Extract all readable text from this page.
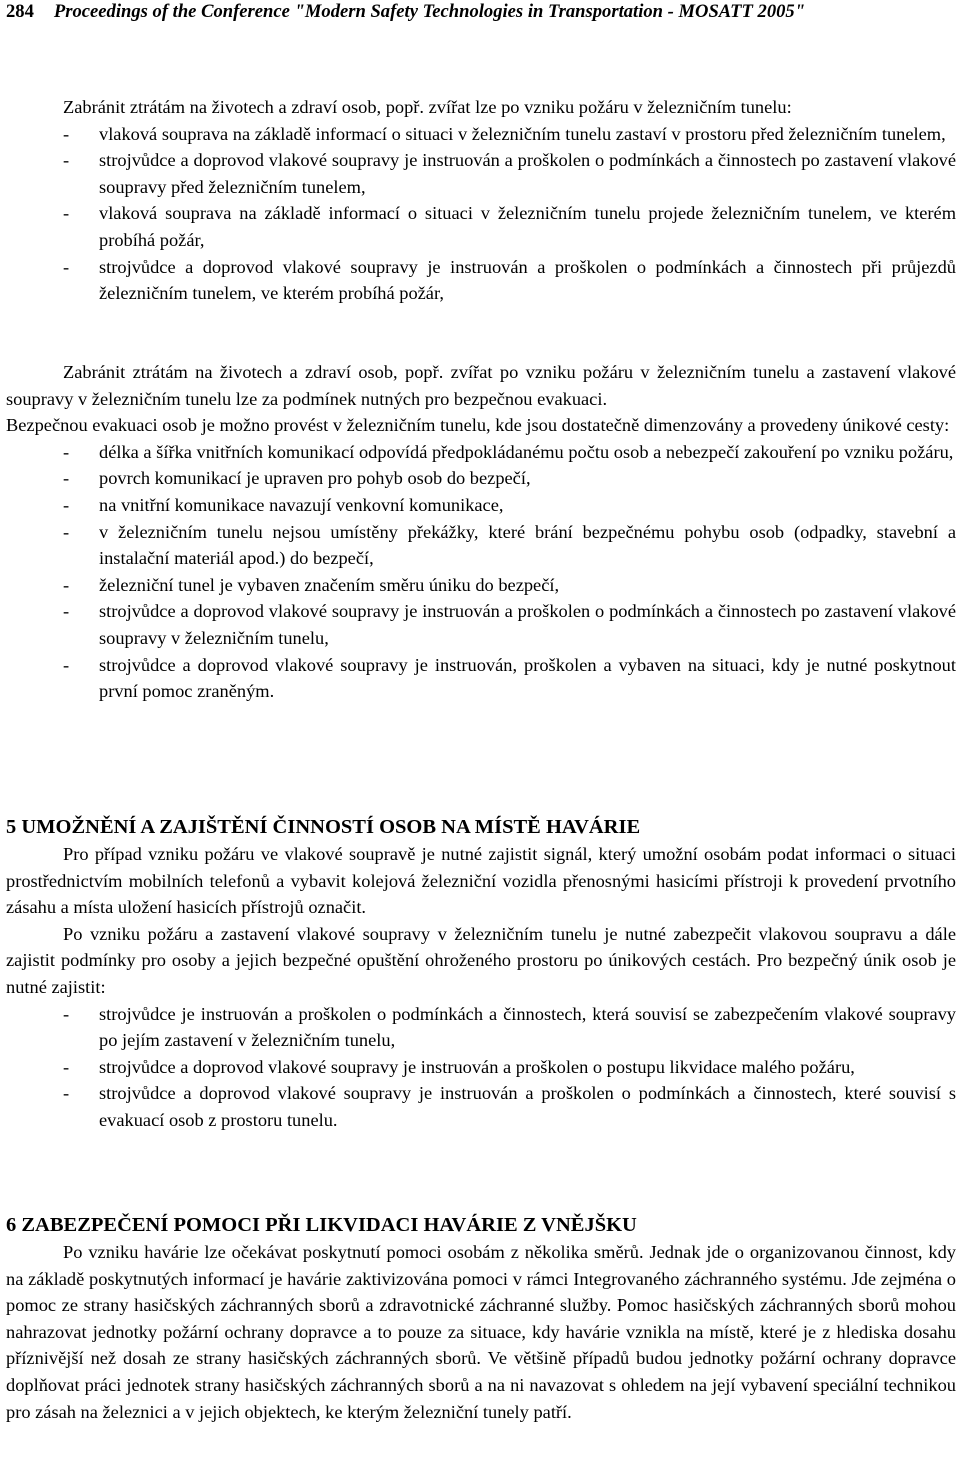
284 Proceedings of the Conference "Modern Safety Technologies in Transportation - MOSATT 2005"

Zabránit ztrátám na životech a zdraví osob, popř. zvířat lze po vzniku požáru v železničním tunelu:

- vlaková souprava na základě informací o situaci v železničním tunelu zastaví v prostoru před železničním tunelem,
- strojvůdce a doprovod vlakové soupravy je instruován a proškolen o podmínkách a činnostech po zastavení vlakové soupravy před železničním tunelem,
- vlaková souprava na základě informací o situaci v železničním tunelu projede železničním tunelem, ve kterém probíhá požár,
- strojvůdce a doprovod vlakové soupravy je instruován a proškolen o podmínkách a činnostech při průjezdů železničním tunelem, ve kterém probíhá požár,

Zabránit ztrátám na životech a zdraví osob, popř. zvířat po vzniku požáru v železničním tunelu a zastavení vlakové soupravy v železničním tunelu lze za podmínek nutných pro bezpečnou evakuaci.

Bezpečnou evakuaci osob je možno provést v železničním tunelu, kde jsou dostatečně dimenzovány a provedeny únikové cesty:

- délka a šířka vnitřních komunikací odpovídá předpokládanému počtu osob a nebezpečí zakouření po vzniku požáru,
- povrch komunikací je upraven pro pohyb osob do bezpečí,
- na vnitřní komunikace navazují venkovní komunikace,
- v železničním tunelu nejsou umístěny překážky, které brání bezpečnému pohybu osob (odpadky, stavební a instalační materiál apod.) do bezpečí,
- železniční tunel je vybaven značením směru úniku do bezpečí,
- strojvůdce a doprovod vlakové soupravy je instruován a proškolen o podmínkách a činnostech po zastavení vlakové soupravy v železničním tunelu,
- strojvůdce a doprovod vlakové soupravy je instruován, proškolen a vybaven na situaci, kdy je nutné poskytnout první pomoc zraněným.
5 UMOŽNĚNÍ A ZAJIŠTĚNÍ ČINNOSTÍ OSOB NA MÍSTĚ HAVÁRIE

Pro případ vzniku požáru ve vlakové soupravě je nutné zajistit signál, který umožní osobám podat informaci o situaci prostřednictvím mobilních telefonů a vybavit kolejová železniční vozidla přenosnými hasicími přístroji k provedení prvotního zásahu a místa uložení hasicích přístrojů označit.

Po vzniku požáru a zastavení vlakové soupravy v železničním tunelu je nutné zabezpečit vlakovou soupravu a dále zajistit podmínky pro osoby a jejich bezpečné opuštění ohroženého prostoru po únikových cestách. Pro bezpečný únik osob je nutné zajistit:

- strojvůdce je instruován a proškolen o podmínkách a činnostech, která souvisí se zabezpečením vlakové soupravy po jejím zastavení v železničním tunelu,
- strojvůdce a doprovod vlakové soupravy je instruován a proškolen o postupu likvidace malého požáru,
- strojvůdce a doprovod vlakové soupravy je instruován a proškolen o podmínkách a činnostech, které souvisí s evakuací osob z prostoru tunelu.
6 ZABEZPEČENÍ POMOCI PŘI LIKVIDACI HAVÁRIE Z VNĚJŠKU

Po vzniku havárie lze očekávat poskytnutí pomoci osobám z několika směrů. Jednak jde o organizovanou činnost, kdy na základě poskytnutých informací je havárie zaktivizována pomoci v rámci Integrovaného záchranného systému. Jde zejména o pomoc ze strany hasičských záchranných sborů a zdravotnické záchranné služby. Pomoc hasičských záchranných sborů mohou nahrazovat jednotky požární ochrany dopravce a to pouze za situace, kdy havárie vznikla na místě, které je z hlediska dosahu příznivější než dosah ze strany hasičských záchranných sborů. Ve většině případů budou jednotky požární ochrany dopravce doplňovat práci jednotek strany hasičských záchranných sborů a na ni navazovat s ohledem na její vybavení speciální technikou pro zásah na železnici a v jejich objektech, ke kterým železniční tunely patří.
